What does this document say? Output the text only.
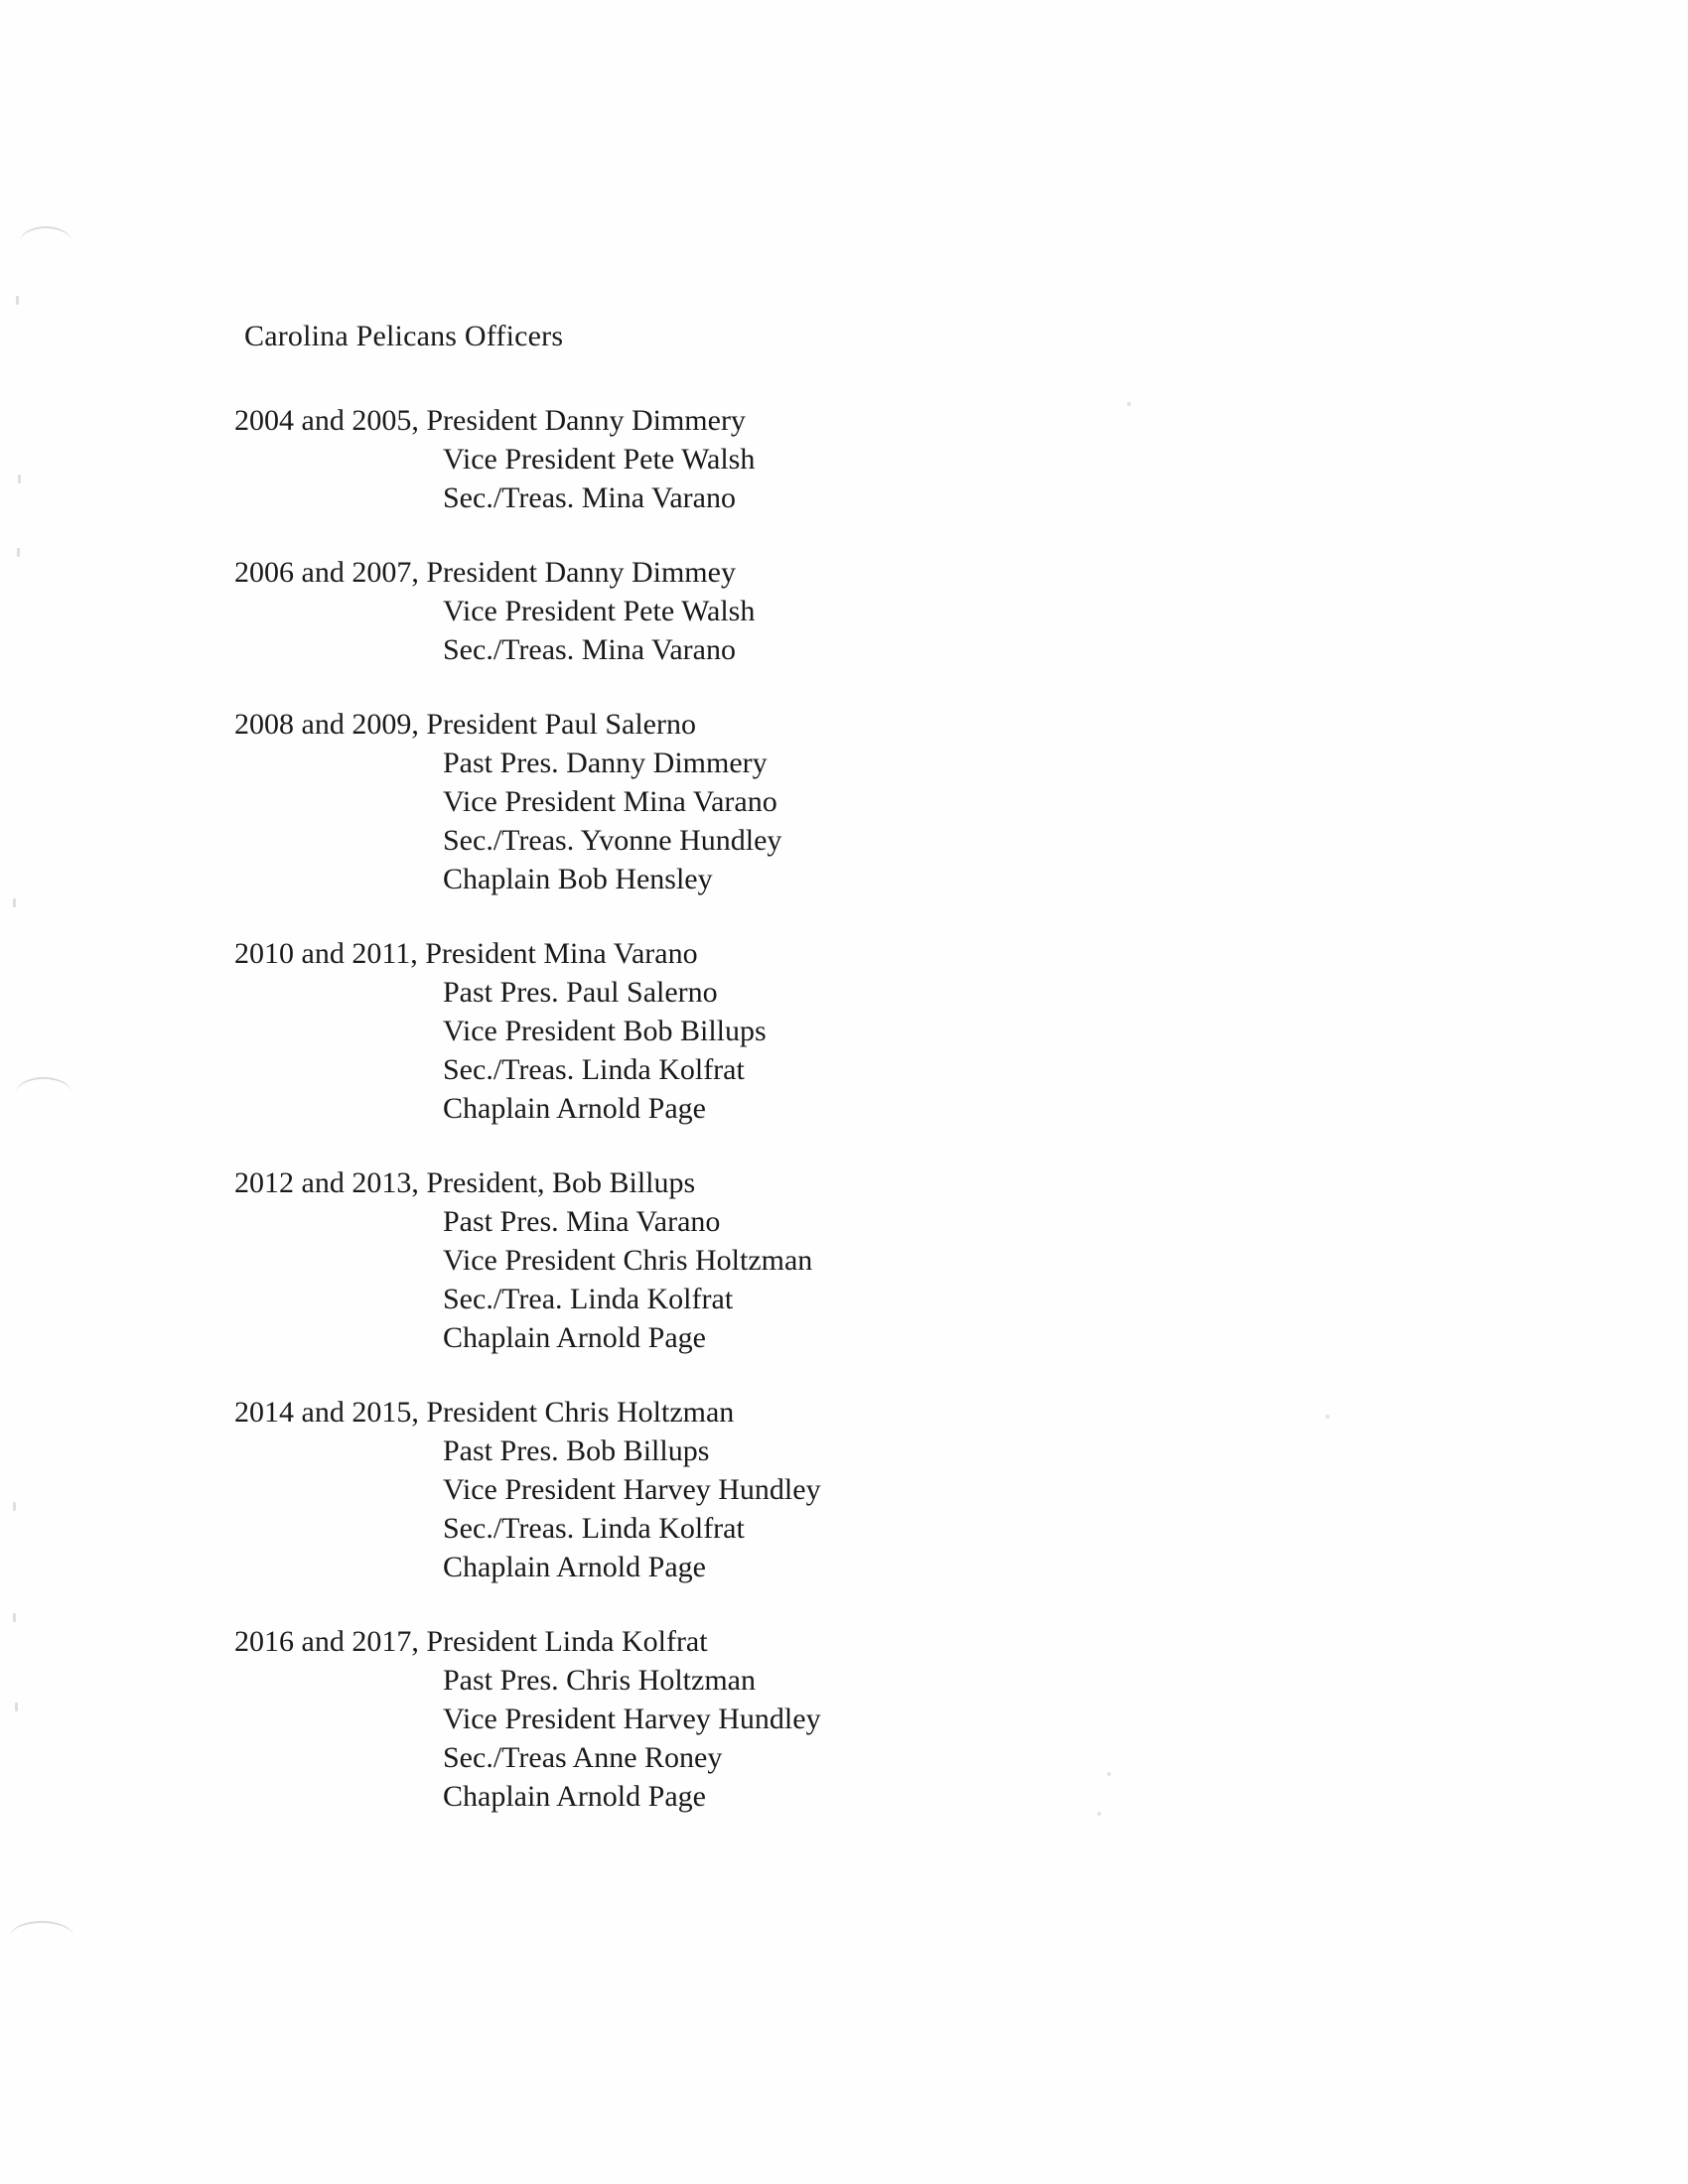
Carolina Pelicans Officers
2004 and 2005, President Danny Dimmery
Vice President Pete Walsh
Sec./Treas. Mina Varano
2006 and 2007, President Danny Dimmey
Vice President Pete Walsh
Sec./Treas. Mina Varano
2008 and 2009, President Paul Salerno
Past Pres. Danny Dimmery
Vice President Mina Varano
Sec./Treas. Yvonne Hundley
Chaplain Bob Hensley
2010 and 2011, President Mina Varano
Past Pres. Paul Salerno
Vice President Bob Billups
Sec./Treas. Linda Kolfrat
Chaplain Arnold Page
2012 and 2013, President, Bob Billups
Past Pres. Mina Varano
Vice President Chris Holtzman
Sec./Trea. Linda Kolfrat
Chaplain Arnold Page
2014 and 2015, President Chris Holtzman
Past Pres. Bob Billups
Vice President Harvey Hundley
Sec./Treas. Linda Kolfrat
Chaplain Arnold Page
2016 and 2017, President Linda Kolfrat
Past Pres. Chris Holtzman
Vice President Harvey Hundley
Sec./Treas Anne Roney
Chaplain Arnold Page
